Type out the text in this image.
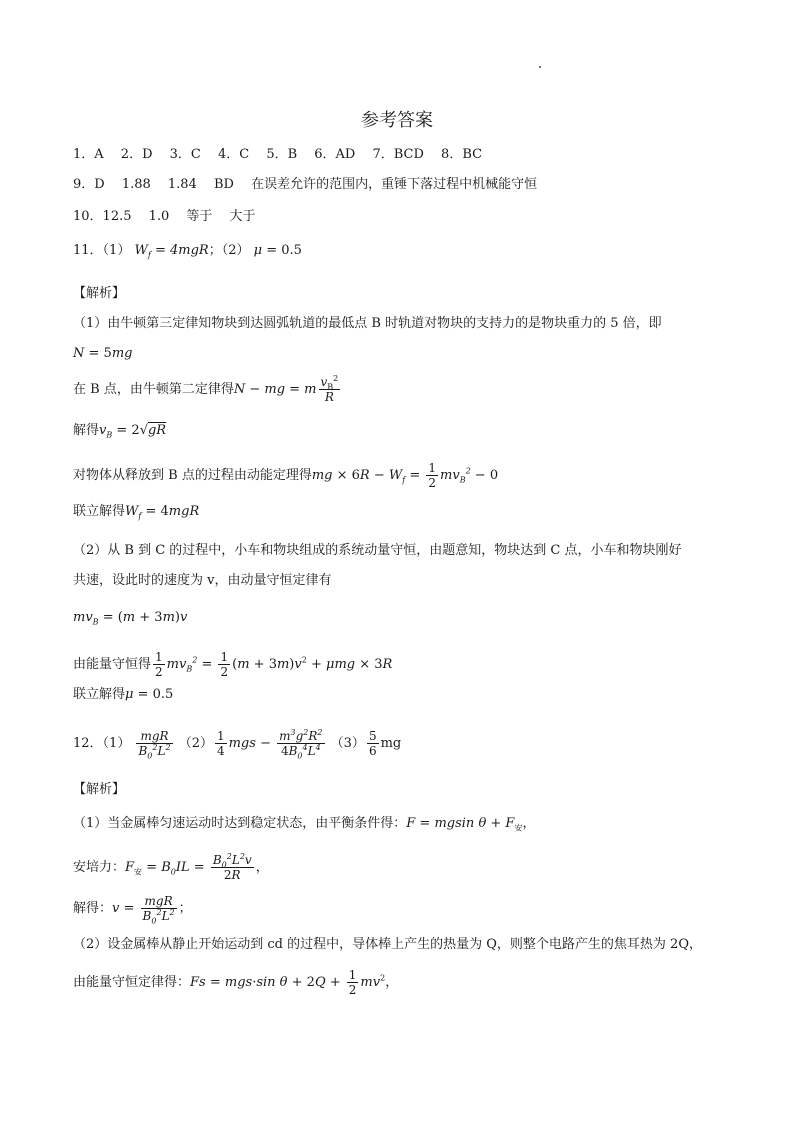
参考答案
1．A　 2．D　 3．C　 4．C　 5．B　 6．AD　 7．BCD　 8．BC
9．D　 1.88　 1.84　 BD　 在误差允许的范围内，重锤下落过程中机械能守恒
10．12.5　 1.0　 等于　 大于
11．（1） $W_f = 4mgR$；（2） μ = 0.5
【解析】
（1）由牛顿第三定律知物块到达圆弧轨道的最低点 B 时轨道对物块的支持力的是物块重力的 5 倍，即
N = 5mg
在 B 点，由牛顿第二定律得N − mg = m $\frac{v_B^2}{R}$
解得$v_B = 2√gR$
对物体从释放到 B 点的过程由动能定理得mg × $6R - W_f = \frac{1}{2} mv_B^2 - 0$
联立解得$W_f = 4mgR$
（2）从 B 到 C 的过程中，小车和物块组成的系统动量守恒，由题意知，物块达到 C 点，小车和物块刚好
共速，设此时的速度为 v，由动量守恒定律有
$mv_B = (m + 3m)v$
由能量守恒得 $\frac{1}{2} mv_B^2 = \frac{1}{2} (m + 3m)v^2 + \mu mg \times 3R$
联立解得μ = 0.5
12．$(1) \frac{\text{mgR}}{B_0^2L^2} (2) \frac{1}{4}$ mgs − $\frac{m^3g^2R^2}{4B_0^4L^4} (3) \frac{5}{6}$ mg
【解析】
（1）当金属棒匀速运动时达到稳定状态，由平衡条件得：F = mgsin $\theta + F_安$，
安培力：$F_安 = B_0IL = \frac{B_0^2L^2v}{2R}$ ，
解得：$v = \frac{\text{mgR}}{B_0^2L^2}$ ；
（2）设金属棒从静止开始运动到 cd 的过程中，导体棒上产生的热量为 Q，则整个电路产生的焦耳热为 2Q，
由能量守恒定律得：Fs = mgs·sin $\theta + 2Q + \frac{1}{2} mv^2$，
